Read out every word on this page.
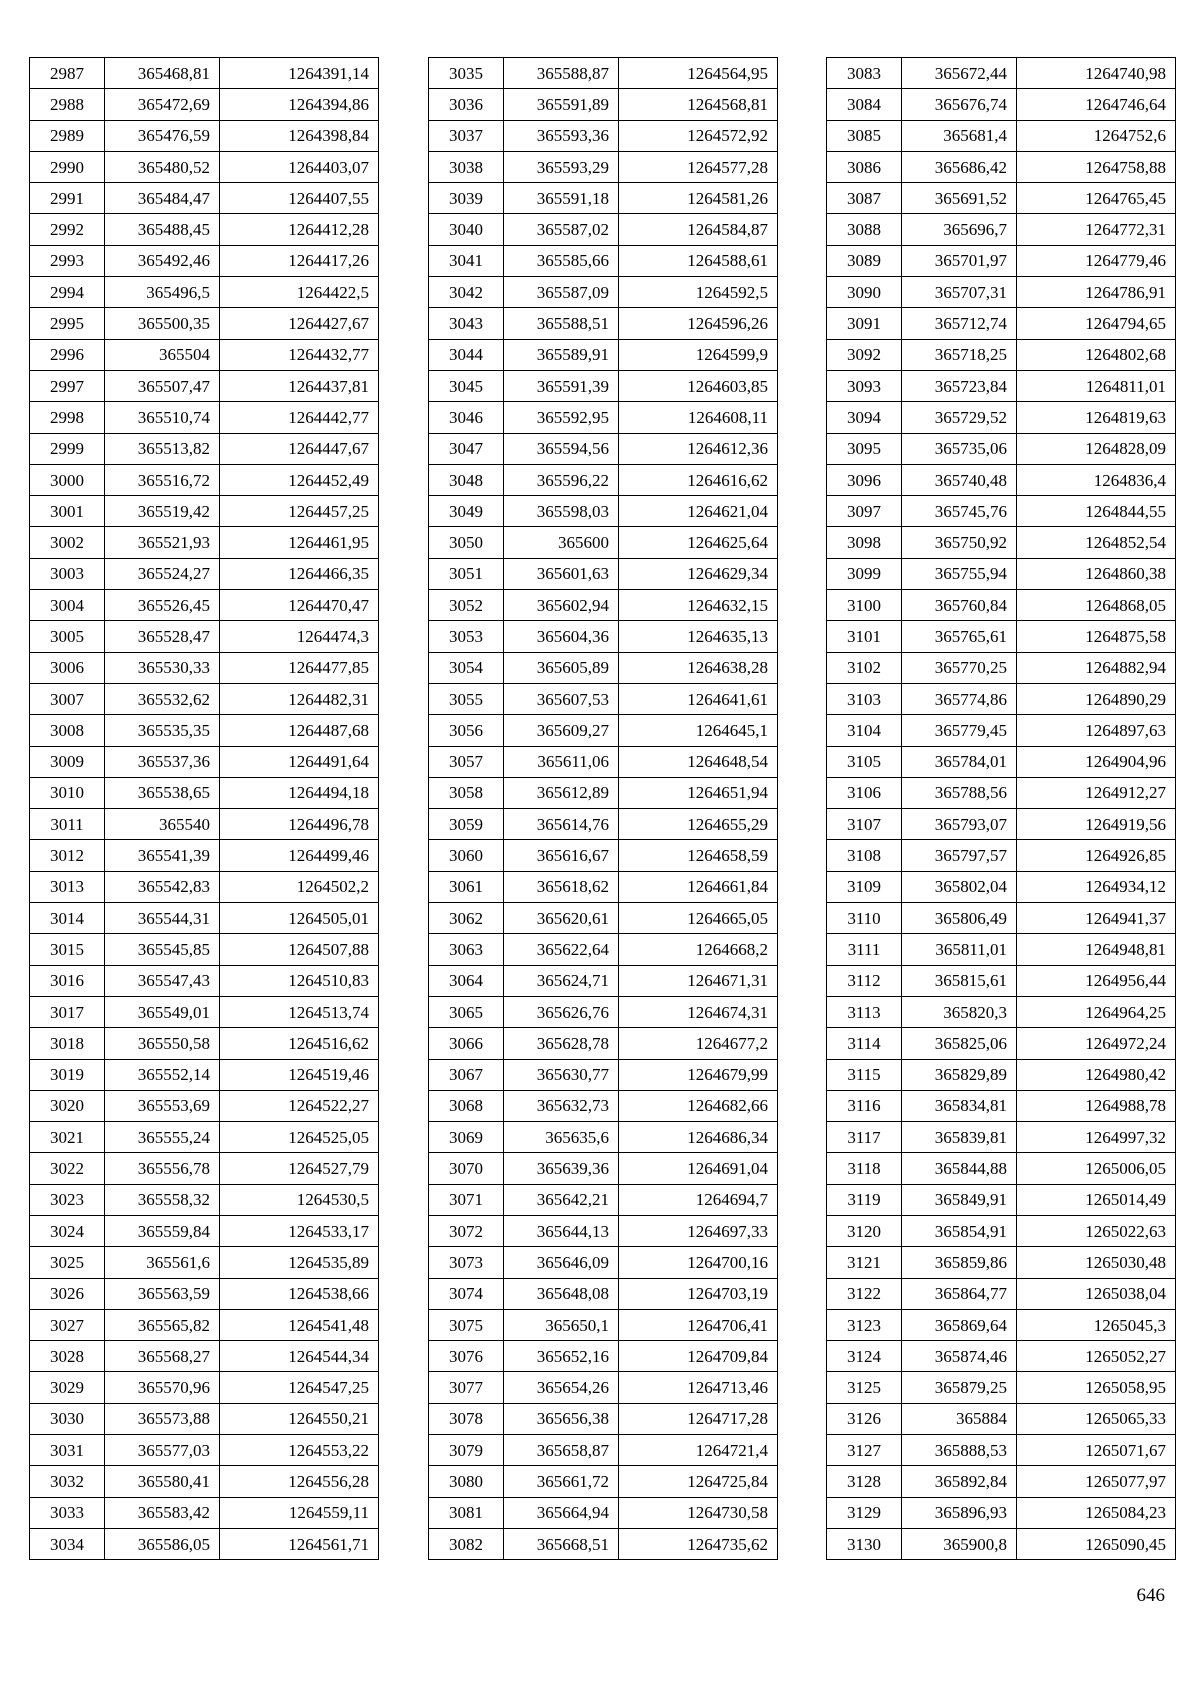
2987	365468,81	1264391,14
2988	365472,69	1264394,86
2989	365476,59	1264398,84
2990	365480,52	1264403,07
2991	365484,47	1264407,55
2992	365488,45	1264412,28
2993	365492,46	1264417,26
2994	365496,5	1264422,5
2995	365500,35	1264427,67
2996	365504	1264432,77
2997	365507,47	1264437,81
2998	365510,74	1264442,77
2999	365513,82	1264447,67
3000	365516,72	1264452,49
3001	365519,42	1264457,25
3002	365521,93	1264461,95
3003	365524,27	1264466,35
3004	365526,45	1264470,47
3005	365528,47	1264474,3
3006	365530,33	1264477,85
3007	365532,62	1264482,31
3008	365535,35	1264487,68
3009	365537,36	1264491,64
3010	365538,65	1264494,18
3011	365540	1264496,78
3012	365541,39	1264499,46
3013	365542,83	1264502,2
3014	365544,31	1264505,01
3015	365545,85	1264507,88
3016	365547,43	1264510,83
3017	365549,01	1264513,74
3018	365550,58	1264516,62
3019	365552,14	1264519,46
3020	365553,69	1264522,27
3021	365555,24	1264525,05
3022	365556,78	1264527,79
3023	365558,32	1264530,5
3024	365559,84	1264533,17
3025	365561,6	1264535,89
3026	365563,59	1264538,66
3027	365565,82	1264541,48
3028	365568,27	1264544,34
3029	365570,96	1264547,25
3030	365573,88	1264550,21
3031	365577,03	1264553,22
3032	365580,41	1264556,28
3033	365583,42	1264559,11
3034	365586,05	1264561,71
3035	365588,87	1264564,95
3036	365591,89	1264568,81
3037	365593,36	1264572,92
3038	365593,29	1264577,28
3039	365591,18	1264581,26
3040	365587,02	1264584,87
3041	365585,66	1264588,61
3042	365587,09	1264592,5
3043	365588,51	1264596,26
3044	365589,91	1264599,9
3045	365591,39	1264603,85
3046	365592,95	1264608,11
3047	365594,56	1264612,36
3048	365596,22	1264616,62
3049	365598,03	1264621,04
3050	365600	1264625,64
3051	365601,63	1264629,34
3052	365602,94	1264632,15
3053	365604,36	1264635,13
3054	365605,89	1264638,28
3055	365607,53	1264641,61
3056	365609,27	1264645,1
3057	365611,06	1264648,54
3058	365612,89	1264651,94
3059	365614,76	1264655,29
3060	365616,67	1264658,59
3061	365618,62	1264661,84
3062	365620,61	1264665,05
3063	365622,64	1264668,2
3064	365624,71	1264671,31
3065	365626,76	1264674,31
3066	365628,78	1264677,2
3067	365630,77	1264679,99
3068	365632,73	1264682,66
3069	365635,6	1264686,34
3070	365639,36	1264691,04
3071	365642,21	1264694,7
3072	365644,13	1264697,33
3073	365646,09	1264700,16
3074	365648,08	1264703,19
3075	365650,1	1264706,41
3076	365652,16	1264709,84
3077	365654,26	1264713,46
3078	365656,38	1264717,28
3079	365658,87	1264721,4
3080	365661,72	1264725,84
3081	365664,94	1264730,58
3082	365668,51	1264735,62
3083	365672,44	1264740,98
3084	365676,74	1264746,64
3085	365681,4	1264752,6
3086	365686,42	1264758,88
3087	365691,52	1264765,45
3088	365696,7	1264772,31
3089	365701,97	1264779,46
3090	365707,31	1264786,91
3091	365712,74	1264794,65
3092	365718,25	1264802,68
3093	365723,84	1264811,01
3094	365729,52	1264819,63
3095	365735,06	1264828,09
3096	365740,48	1264836,4
3097	365745,76	1264844,55
3098	365750,92	1264852,54
3099	365755,94	1264860,38
3100	365760,84	1264868,05
3101	365765,61	1264875,58
3102	365770,25	1264882,94
3103	365774,86	1264890,29
3104	365779,45	1264897,63
3105	365784,01	1264904,96
3106	365788,56	1264912,27
3107	365793,07	1264919,56
3108	365797,57	1264926,85
3109	365802,04	1264934,12
3110	365806,49	1264941,37
3111	365811,01	1264948,81
3112	365815,61	1264956,44
3113	365820,3	1264964,25
3114	365825,06	1264972,24
3115	365829,89	1264980,42
3116	365834,81	1264988,78
3117	365839,81	1264997,32
3118	365844,88	1265006,05
3119	365849,91	1265014,49
3120	365854,91	1265022,63
3121	365859,86	1265030,48
3122	365864,77	1265038,04
3123	365869,64	1265045,3
3124	365874,46	1265052,27
3125	365879,25	1265058,95
3126	365884	1265065,33
3127	365888,53	1265071,67
3128	365892,84	1265077,97
3129	365896,93	1265084,23
3130	365900,8	1265090,45
646
